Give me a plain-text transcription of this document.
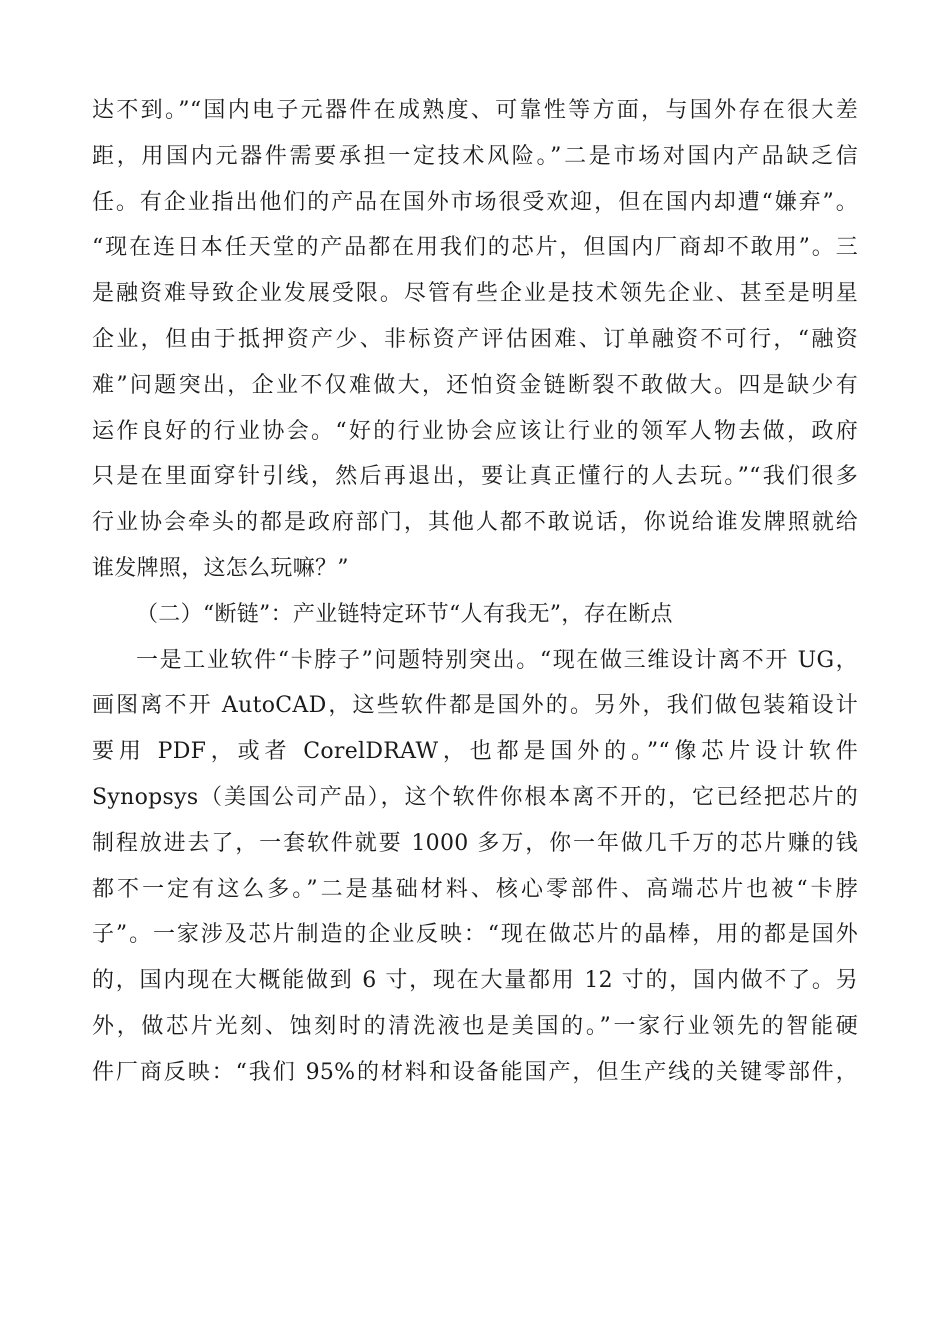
达不到。”“国内电子元器件在成熟度、可靠性等方面，与国外存在很大差
距，用国内元器件需要承担一定技术风险。”二是市场对国内产品缺乏信
任。有企业指出他们的产品在国外市场很受欢迎，但在国内却遭“嫌弃”。
“现在连日本任天堂的产品都在用我们的芯片，但国内厂商却不敢用”。三
是融资难导致企业发展受限。尽管有些企业是技术领先企业、甚至是明星
企业，但由于抵押资产少、非标资产评估困难、订单融资不可行，“融资
难”问题突出，企业不仅难做大，还怕资金链断裂不敢做大。四是缺少有
运作良好的行业协会。“好的行业协会应该让行业的领军人物去做，政府
只是在里面穿针引线，然后再退出，要让真正懂行的人去玩。”“我们很多
行业协会牵头的都是政府部门，其他人都不敢说话，你说给谁发牌照就给
谁发牌照，这怎么玩嘛？”
（二）“断链”：产业链特定环节“人有我无”，存在断点
一是工业软件“卡脖子”问题特别突出。“现在做三维设计离不开 UG，
画图离不开 AutoCAD，这些软件都是国外的。另外，我们做包装箱设计
要用 PDF，或者 CorelDRAW，也都是国外的。”“像芯片设计软件
Synopsys（美国公司产品），这个软件你根本离不开的，它已经把芯片的
制程放进去了，一套软件就要 1000 多万，你一年做几千万的芯片赚的钱
都不一定有这么多。”二是基础材料、核心零部件、高端芯片也被“卡脖
子”。一家涉及芯片制造的企业反映：“现在做芯片的晶棒，用的都是国外
的，国内现在大概能做到 6 寸，现在大量都用 12 寸的，国内做不了。另
外，做芯片光刻、蚀刻时的清洗液也是美国的。”一家行业领先的智能硬
件厂商反映：“我们 95%的材料和设备能国产，但生产线的关键零部件，
